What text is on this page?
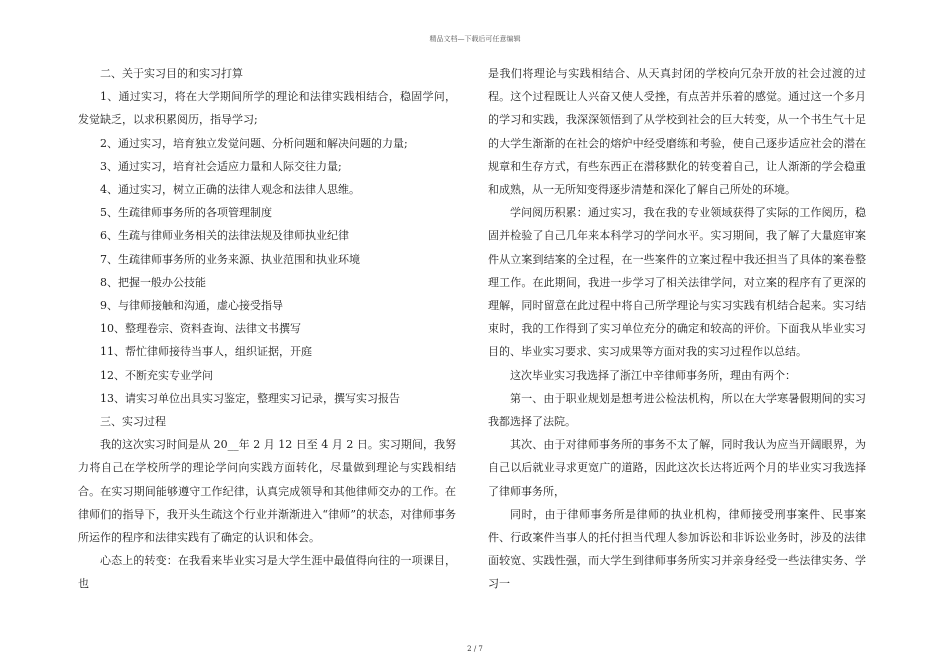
精品文档—下载后可任意编辑

二、关于实习目的和实习打算

1、通过实习，将在大学期间所学的理论和法律实践相结合，稳固学问，发觉缺乏，以求积累阅历，指导学习;

2、通过实习，培育独立发觉问题、分析问题和解决问题的力量;

3、通过实习，培育社会适应力量和人际交往力量;

4、通过实习，树立正确的法律人观念和法律人思维。

5、生疏律师事务所的各项管理制度

6、生疏与律师业务相关的法律法规及律师执业纪律

7、生疏律师事务所的业务来源、执业范围和执业环境

8、把握一般办公技能

9、与律师接触和沟通，虚心接受指导

10、整理卷宗、资料查询、法律文书撰写

11、帮忙律师接待当事人，组织证据，开庭

12、不断充实专业学问

13、请实习单位出具实习鉴定，整理实习记录，撰写实习报告

三、实习过程

我的这次实习时间是从 20__年 2 月 12 日至 4 月 2 日。实习期间，我努力将自己在学校所学的理论学问向实践方面转化，尽量做到理论与实践相结合。在实习期间能够遵守工作纪律，认真完成领导和其他律师交办的工作。在律师们的指导下，我开头生疏这个行业并渐渐进入“律师”的状态，对律师事务所运作的程序和法律实践有了确定的认识和体会。

心态上的转变：在我看来毕业实习是大学生涯中最值得向往的一项课目，也

是我们将理论与实践相结合、从天真封闭的学校向冗杂开放的社会过渡的过程。这个过程既让人兴奋又使人受挫，有点苦并乐着的感觉。通过这一个多月的学习和实践，我深深领悟到了从学校到社会的巨大转变，从一个书生气十足的大学生渐渐的在社会的熔炉中经受磨练和考验，使自己逐步适应社会的潜在规章和生存方式，有些东西正在潜移默化的转变着自己，让人渐渐的学会稳重和成熟，从一无所知变得逐步清楚和深化了解自己所处的环境。

学问阅历积累：通过实习，我在我的专业领域获得了实际的工作阅历，稳固并检验了自己几年来本科学习的学问水平。实习期间，我了解了大量庭审案件从立案到结案的全过程，在一些案件的立案过程中我还担当了具体的案卷整理工作。在此期间，我进一步学习了相关法律学问，对立案的程序有了更深的理解，同时留意在此过程中将自己所学理论与实习实践有机结合起来。实习结束时，我的工作得到了实习单位充分的确定和较高的评价。下面我从毕业实习目的、毕业实习要求、实习成果等方面对我的实习过程作以总结。

这次毕业实习我选择了浙江中辛律师事务所，理由有两个：

第一、由于职业规划是想考进公检法机构，所以在大学寒暑假期间的实习我都选择了法院。

其次、由于对律师事务所的事务不太了解，同时我认为应当开阔眼界，为自己以后就业寻求更宽广的道路，因此这次长达将近两个月的毕业实习我选择了律师事务所，

同时，由于律师事务所是律师的执业机构，律师接受刑事案件、民事案件、行政案件当事人的托付担当代理人参加诉讼和非诉讼业务时，涉及的法律面较宽、实践性强，而大学生到律师事务所实习并亲身经受一些法律实务、学习一

2 / 7
